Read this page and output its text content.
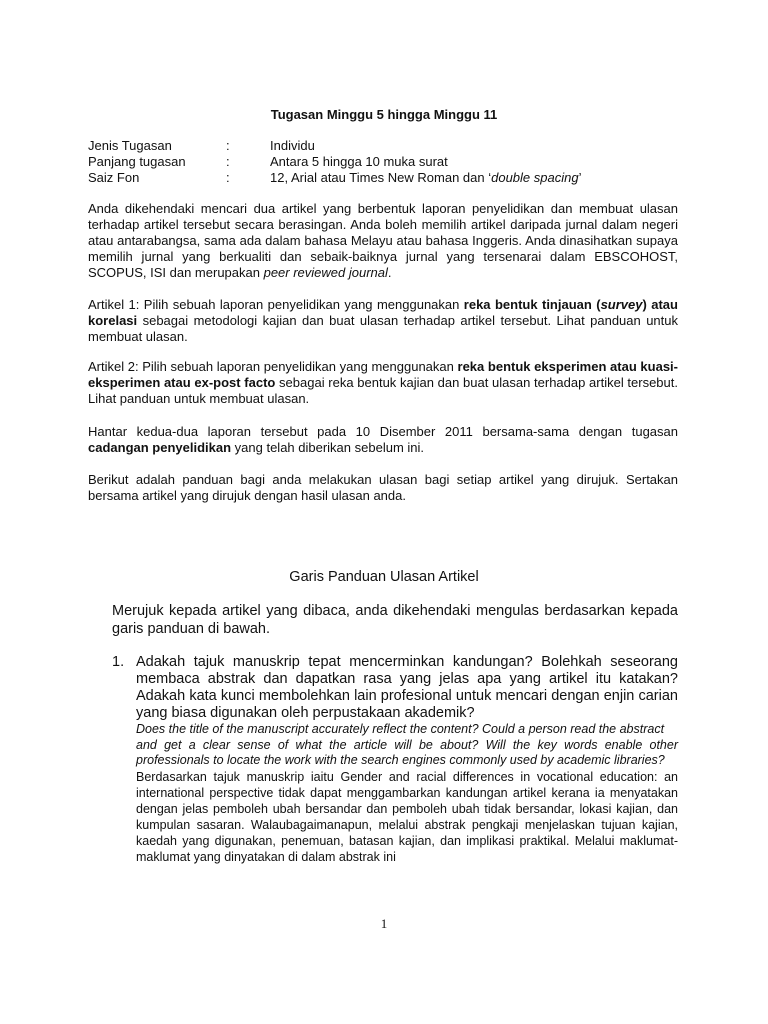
Tugasan Minggu 5 hingga Minggu 11
Jenis Tugasan	:	Individu
Panjang tugasan	:	Antara 5 hingga 10 muka surat
Saiz Fon	:	12, Arial atau Times New Roman dan ‘double spacing’

Anda dikehendaki mencari dua artikel yang berbentuk laporan penyelidikan dan membuat ulasan terhadap artikel tersebut secara berasingan. Anda boleh memilih artikel daripada jurnal dalam negeri atau antarabangsa, sama ada dalam bahasa Melayu atau bahasa Inggeris. Anda dinasihatkan supaya memilih jurnal yang berkualiti dan sebaik-baiknya jurnal yang tersenarai dalam EBSCOHOST, SCOPUS, ISI dan merupakan peer reviewed journal.

Artikel 1: Pilih sebuah laporan penyelidikan yang menggunakan reka bentuk tinjauan (survey) atau korelasi sebagai metodologi kajian dan buat ulasan terhadap artikel tersebut. Lihat panduan untuk membuat ulasan.

Artikel 2: Pilih sebuah laporan penyelidikan yang menggunakan reka bentuk eksperimen atau kuasi-eksperimen atau ex-post facto sebagai reka bentuk kajian dan buat ulasan terhadap artikel tersebut. Lihat panduan untuk membuat ulasan.

Hantar kedua-dua laporan tersebut pada 10 Disember 2011 bersama-sama dengan tugasan cadangan penyelidikan yang telah diberikan sebelum ini.

Berikut adalah panduan bagi anda melakukan ulasan bagi setiap artikel yang dirujuk. Sertakan bersama artikel yang dirujuk dengan hasil ulasan anda.

Garis Panduan Ulasan Artikel

Merujuk kepada artikel yang dibaca, anda dikehendaki mengulas berdasarkan kepada garis panduan di bawah.

1. Adakah tajuk manuskrip tepat mencerminkan kandungan? Bolehkah seseorang membaca abstrak dan dapatkan rasa yang jelas apa yang artikel itu katakan? Adakah kata kunci membolehkan lain profesional untuk mencari dengan enjin carian yang biasa digunakan oleh perpustakaan akademik?

Does the title of the manuscript accurately reflect the content? Could a person read the abstract

and get a clear sense of what the article will be about? Will the key words enable other professionals to locate the work with the search engines commonly used by academic libraries?

Berdasarkan tajuk manuskrip iaitu Gender and racial differences in vocational education: an international perspective tidak dapat menggambarkan kandungan artikel kerana ia menyatakan dengan jelas pemboleh ubah bersandar dan pemboleh ubah tidak bersandar, lokasi kajian, dan kumpulan sasaran. Walaubagaimanapun, melalui abstrak pengkaji menjelaskan tujuan kajian, kaedah yang digunakan, penemuan, batasan kajian, dan implikasi praktikal. Melalui maklumat-maklumat yang dinyatakan di dalam abstrak ini

1
